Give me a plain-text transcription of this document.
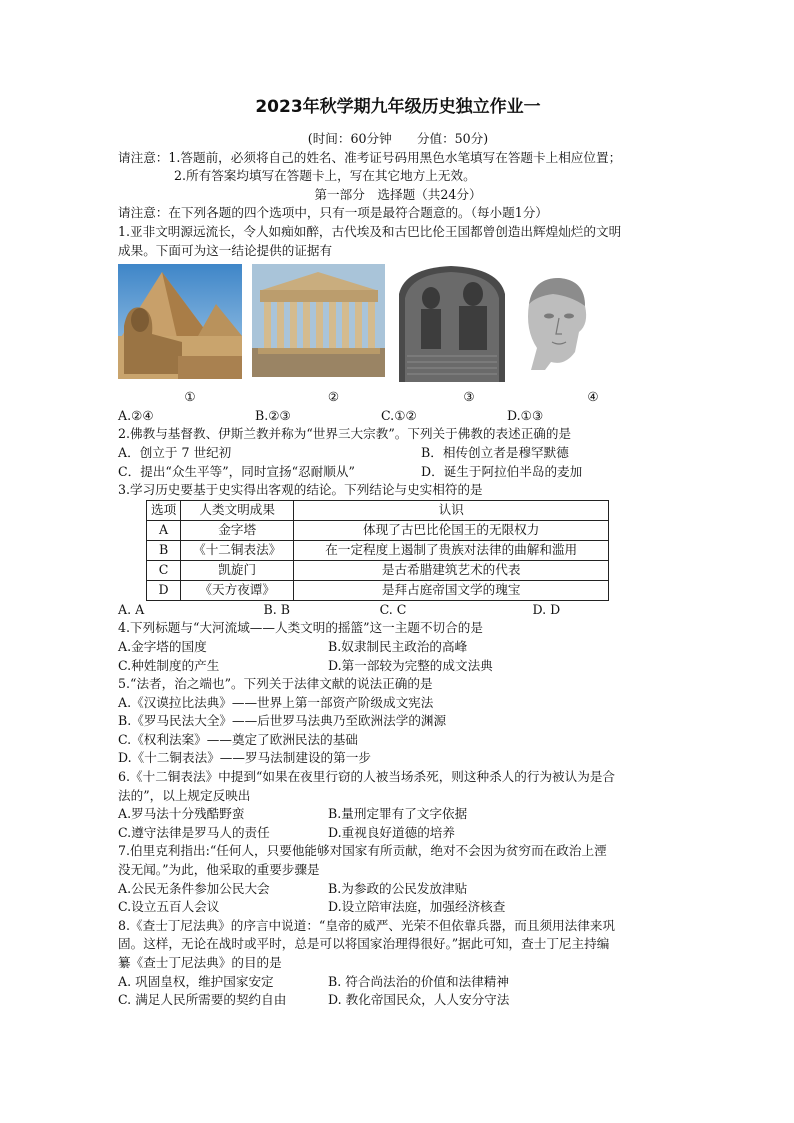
2023年秋学期九年级历史独立作业一
(时间：60分钟　　分值：50分)
请注意：1.答题前，必须将自己的姓名、准考证号码用黑色水笔填写在答题卡上相应位置；
2.所有答案均填写在答题卡上，写在其它地方上无效。
第一部分　选择题（共24分）
请注意：在下列各题的四个选项中，只有一项是最符合题意的。（每小题1分）
1.亚非文明源远流长，令人如痴如醉，古代埃及和古巴比伦王国都曾创造出辉煌灿烂的文明
成果。下面可为这一结论提供的证据有
①	②	③	④
A.②④	B.②③	C.①②	D.①③
2.佛教与基督教、伊斯兰教并称为“世界三大宗教”。下列关于佛教的表述正确的是
A．创立于 7 世纪初	B．相传创立者是穆罕默德
C．提出“众生平等”，同时宣扬“忍耐顺从”	D．诞生于阿拉伯半岛的麦加
3.学习历史要基于史实得出客观的结论。下列结论与史实相符的是
选项	人类文明成果	认识
A	金字塔	体现了古巴比伦国王的无限权力
B	《十二铜表法》	在一定程度上遏制了贵族对法律的曲解和滥用
C	凯旋门	是古希腊建筑艺术的代表
D	《天方夜谭》	是拜占庭帝国文学的瑰宝
A. A	B. B	C. C	D. D
4.下列标题与“大河流域——人类文明的摇篮”这一主题不切合的是
A.金字塔的国度	B.奴隶制民主政治的高峰
C.种姓制度的产生	D.第一部较为完整的成文法典
5.“法者，治之端也”。下列关于法律文献的说法正确的是
A.《汉谟拉比法典》——世界上第一部资产阶级成文宪法
B.《罗马民法大全》——后世罗马法典乃至欧洲法学的渊源
C.《权利法案》——奠定了欧洲民法的基础
D.《十二铜表法》——罗马法制建设的第一步
6.《十二铜表法》中提到“如果在夜里行窃的人被当场杀死，则这种杀人的行为被认为是合
法的”，以上规定反映出
A.罗马法十分残酷野蛮	B.量刑定罪有了文字依据
C.遵守法律是罗马人的责任	D.重视良好道德的培养
7.伯里克利指出:“任何人，只要他能够对国家有所贡献，绝对不会因为贫穷而在政治上湮
没无闻。”为此，他采取的重要步骤是
A.公民无条件参加公民大会	B.为参政的公民发放津贴
C.设立五百人会议	D.设立陪审法庭，加强经济核查
8.《查士丁尼法典》的序言中说道：“皇帝的威严、光荣不但依靠兵器，而且须用法律来巩
固。这样，无论在战时或平时，总是可以将国家治理得很好。”据此可知，查士丁尼主持编
纂《查士丁尼法典》的目的是
A. 巩固皇权，维护国家安定	B. 符合尚法治的价值和法律精神
C. 满足人民所需要的契约自由	D. 教化帝国民众，人人安分守法
